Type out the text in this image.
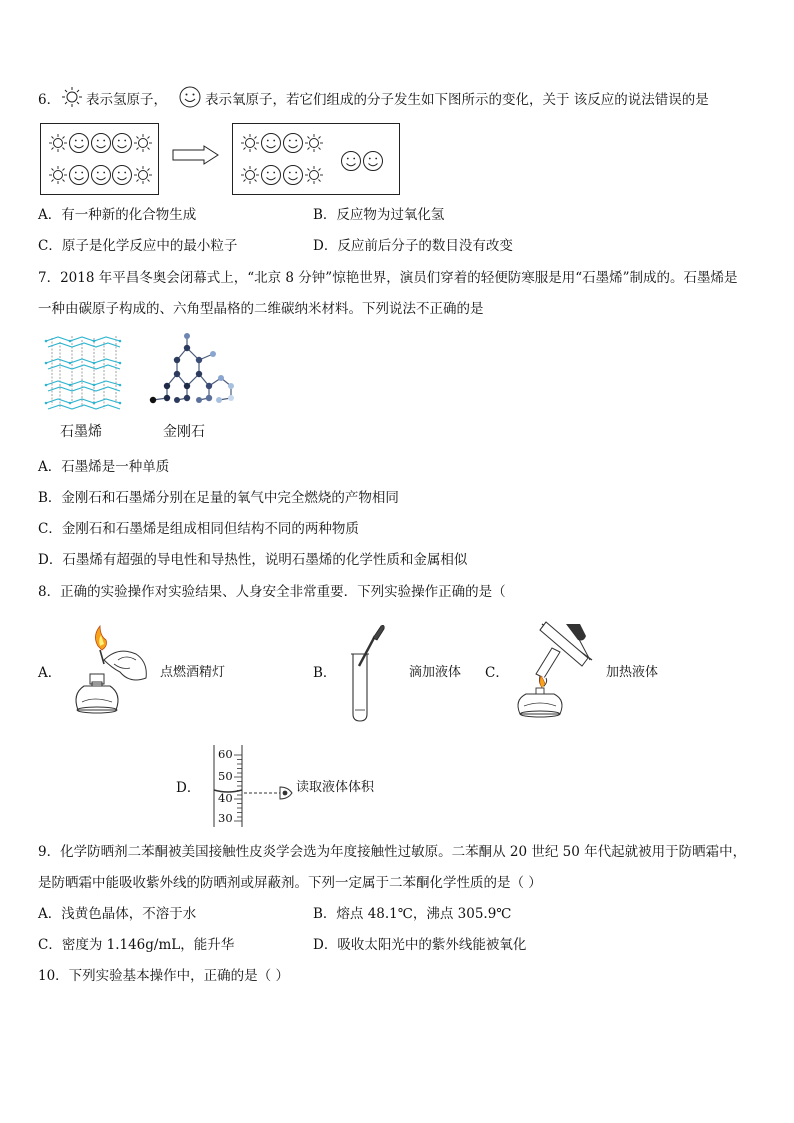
6． 表示氢原子，	表示氧原子，若它们组成的分子发生如下图所示的变化，关于 该反应的说法错误的是
A．有一种新的化合物生成	B．反应物为过氧化氢
C．原子是化学反应中的最小粒子	D．反应前后分子的数目没有改变
7．2018 年平昌冬奥会闭幕式上，“北京 8 分钟”惊艳世界，演员们穿着的轻便防寒服是用“石墨烯”制成的。石墨烯是
一种由碳原子构成的、六角型晶格的二维碳纳米材料。下列说法不正确的是
石墨烯	金刚石
A．石墨烯是一种单质
B．金刚石和石墨烯分别在足量的氧气中完全燃烧的产物相同
C．金刚石和石墨烯是组成相同但结构不同的两种物质
D．石墨烯有超强的导电性和导热性，说明石墨烯的化学性质和金属相似
8．正确的实验操作对实验结果、人身安全非常重要．下列实验操作正确的是（
A．	点燃酒精灯	B．	滴加液体 C．	加热液体
D．
60
50
40
30
读取液体体积
9．化学防晒剂二苯酮被美国接触性皮炎学会选为年度接触性过敏原。二苯酮从 20 世纪 50 年代起就被用于防晒霜中，
是防晒霜中能吸收紫外线的防晒剂或屏蔽剂。下列一定属于二苯酮化学性质的是（ ）
A．浅黄色晶体，不溶于水	B．熔点 48.1℃，沸点 305.9℃
C．密度为 1.146g/mL，能升华	D．吸收太阳光中的紫外线能被氧化
10．下列实验基本操作中，正确的是（ ）
